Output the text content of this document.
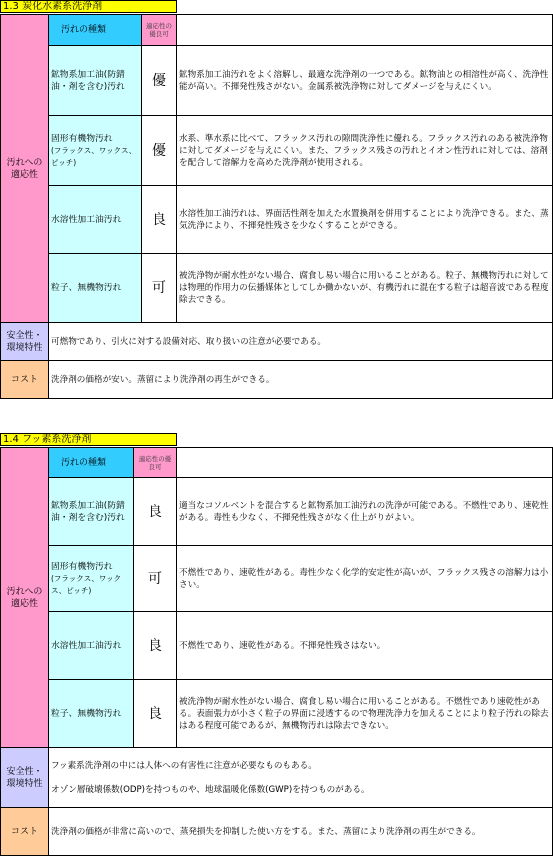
1.3 炭化水素系洗浄剤
汚れへの適応性	汚れの種類	適応性の優良可	
	鉱物系加工油(防錆油・剤を含む)汚れ	優	鉱物系加工油汚れをよく溶解し、最適な洗浄剤の一つである。鉱物油との相溶性が高く、洗浄性能が高い。不揮発性残さがない。金属系被洗浄物に対してダメージを与えにくい。
	固形有機物汚れ
(フラックス、ワックス、ピッチ)	優	水系、準水系に比べて、フラックス汚れの隙間洗浄性に優れる。フラックス汚れのある被洗浄物に対してダメージを与えにくい。また、フラックス残さの汚れとイオン性汚れに対しては、溶剤を配合して溶解力を高めた洗浄剤が使用される。
	水溶性加工油汚れ	良	水溶性加工油汚れは、界面活性剤を加えた水置換剤を併用することにより洗浄できる。また、蒸気洗浄により、不揮発性残さを少なくすることができる。
	粒子、無機物汚れ	可	被洗浄物が耐水性がない場合、腐食し易い場合に用いることがある。粒子、無機物汚れに対しては物理的作用力の伝播媒体としてしか働かないが、有機汚れに混在する粒子は超音波である程度除去できる。
安全性・環境特性	可燃物であり、引火に対する設備対応、取り扱いの注意が必要である。		
コスト	洗浄剤の価格が安い。蒸留により洗浄剤の再生ができる。		
1.4 フッ素系洗浄剤
汚れへの適応性	汚れの種類	適応性の優良可	
	鉱物系加工油(防錆油・剤を含む)汚れ	良	適当なコソルベントを混合すると鉱物系加工油汚れの洗浄が可能である。不燃性であり、速乾性がある。毒性も少なく、不揮発性残さがなく仕上がりがよい。
	固形有機物汚れ
(フラックス、ワックス、ピッチ)	可	不燃性であり、速乾性がある。毒性少なく化学的安定性が高いが、フラックス残さの溶解力は小さい。
	水溶性加工油汚れ	良	不燃性であり、速乾性がある。不揮発性残さはない。
	粒子、無機物汚れ	良	被洗浄物が耐水性がない場合、腐食し易い場合に用いることがある。不燃性であり速乾性がある。表面張力が小さく粒子の界面に浸透するので物理洗浄力を加えることにより粒子汚れの除去はある程度可能であるが、無機物汚れは除去できない。
安全性・環境特性	フッ素系洗浄剤の中には人体への有害性に注意が必要なものもある。
オゾン層破壊係数(ODP)を持つものや、地球温暖化係数(GWP)を持つものがある。		

コスト	洗浄剤の価格が非常に高いので、蒸発損失を抑制した使い方をする。また、蒸留により洗浄剤の再生ができる。		
